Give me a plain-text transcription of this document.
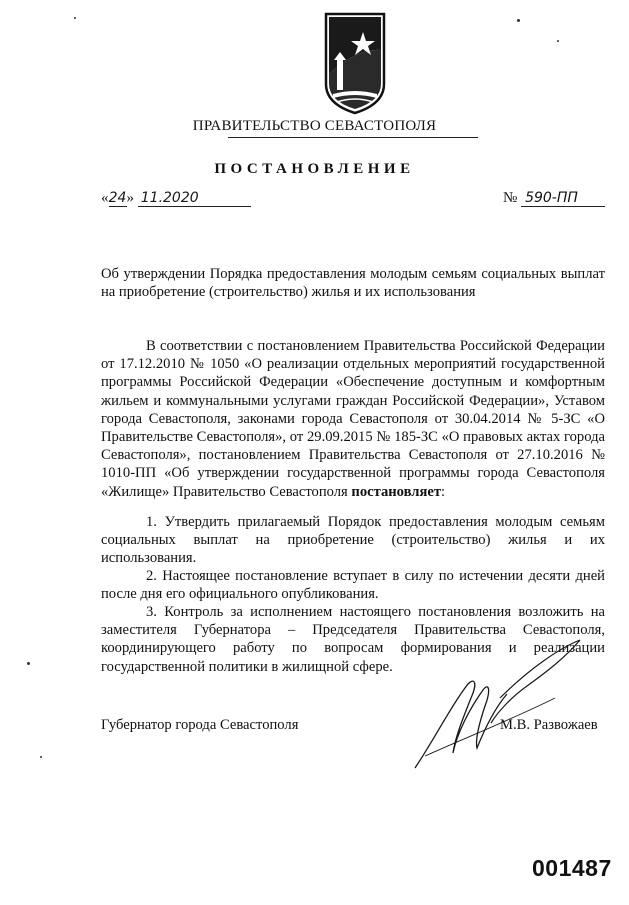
ПРАВИТЕЛЬСТВО СЕВАСТОПОЛЯ
ПОСТАНОВЛЕНИЕ
«24» 11.2020	№ 590-ПП
Об утверждении Порядка предоставления молодым семьям социальных выплат на приобретение (строительство) жилья и их использования

В соответствии с постановлением Правительства Российской Федерации от 17.12.2010 № 1050 «О реализации отдельных мероприятий государственной программы Российской Федерации «Обеспечение доступным и комфортным жильем и коммунальными услугами граждан Российской Федерации», Уставом города Севастополя, законами города Севастополя от 30.04.2014 № 5-ЗС «О Правительстве Севастополя», от 29.09.2015 № 185-ЗС «О правовых актах города Севастополя», постановлением Правительства Севастополя от 27.10.2016 № 1010-ПП «Об утверждении государственной программы города Севастополя «Жилище» Правительство Севастополя постановляет:

1. Утвердить прилагаемый Порядок предоставления молодым семьям социальных выплат на приобретение (строительство) жилья и их использования.

2. Настоящее постановление вступает в силу по истечении десяти дней после дня его официального опубликования.

3. Контроль за исполнением настоящего постановления возложить на заместителя Губернатора – Председателя Правительства Севастополя, координирующего работу по вопросам формирования и реализации государственной политики в жилищной сфере.

Губернатор города Севастополя	М.В. Развожаев
001487
